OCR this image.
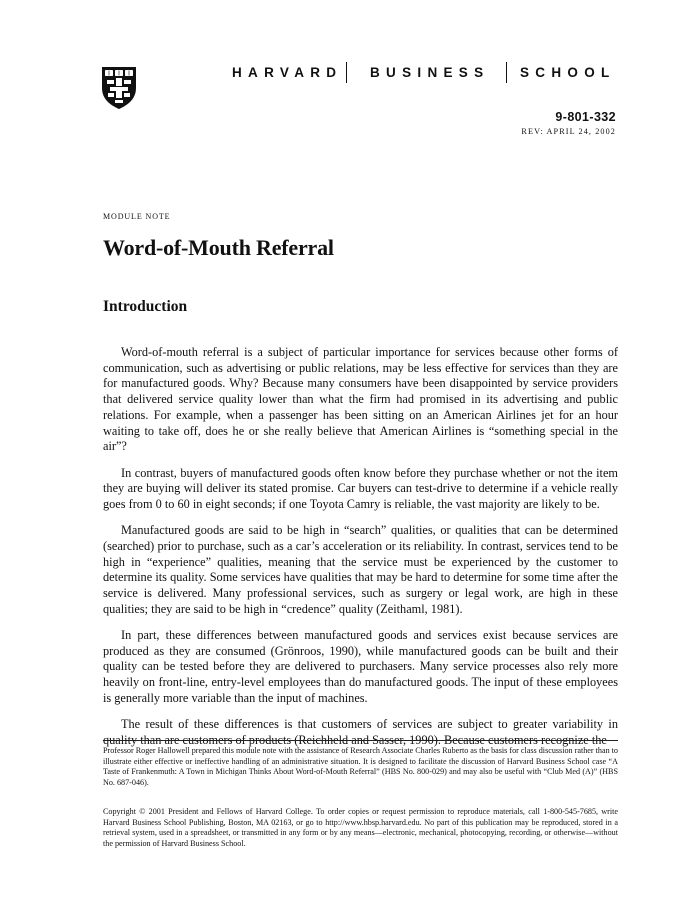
HARVARD BUSINESS SCHOOL
9-801-332
REV: APRIL 24, 2002
MODULE NOTE
Word-of-Mouth Referral
Introduction

Word-of-mouth referral is a subject of particular importance for services because other forms of communication, such as advertising or public relations, may be less effective for services than they are for manufactured goods. Why? Because many consumers have been disappointed by service providers that delivered service quality lower than what the firm had promised in its advertising and public relations. For example, when a passenger has been sitting on an American Airlines jet for an hour waiting to take off, does he or she really believe that American Airlines is “something special in the air”?

In contrast, buyers of manufactured goods often know before they purchase whether or not the item they are buying will deliver its stated promise. Car buyers can test-drive to determine if a vehicle really goes from 0 to 60 in eight seconds; if one Toyota Camry is reliable, the vast majority are likely to be.

Manufactured goods are said to be high in “search” qualities, or qualities that can be determined (searched) prior to purchase, such as a car’s acceleration or its reliability. In contrast, services tend to be high in “experience” qualities, meaning that the service must be experienced by the customer to determine its quality. Some services have qualities that may be hard to determine for some time after the service is delivered. Many professional services, such as surgery or legal work, are high in these qualities; they are said to be high in “credence” quality (Zeithaml, 1981).

In part, these differences between manufactured goods and services exist because services are produced as they are consumed (Grönroos, 1990), while manufactured goods can be built and their quality can be tested before they are delivered to purchasers. Many service processes also rely more heavily on front-line, entry-level employees than do manufactured goods. The input of these employees is generally more variable than the input of machines.

The result of these differences is that customers of services are subject to greater variability in quality than are customers of products (Reichheld and Sasser, 1990). Because customers recognize the

Professor Roger Hallowell prepared this module note with the assistance of Research Associate Charles Ruberto as the basis for class discussion rather than to illustrate either effective or ineffective handling of an administrative situation. It is designed to facilitate the discussion of Harvard Business School case “A Taste of Frankenmuth: A Town in Michigan Thinks About Word-of-Mouth Referral” (HBS No. 800-029) and may also be useful with “Club Med (A)” (HBS No. 687-046).

Copyright © 2001 President and Fellows of Harvard College. To order copies or request permission to reproduce materials, call 1-800-545-7685, write Harvard Business School Publishing, Boston, MA 02163, or go to http://www.hbsp.harvard.edu. No part of this publication may be reproduced, stored in a retrieval system, used in a spreadsheet, or transmitted in any form or by any means—electronic, mechanical, photocopying, recording, or otherwise—without the permission of Harvard Business School.
